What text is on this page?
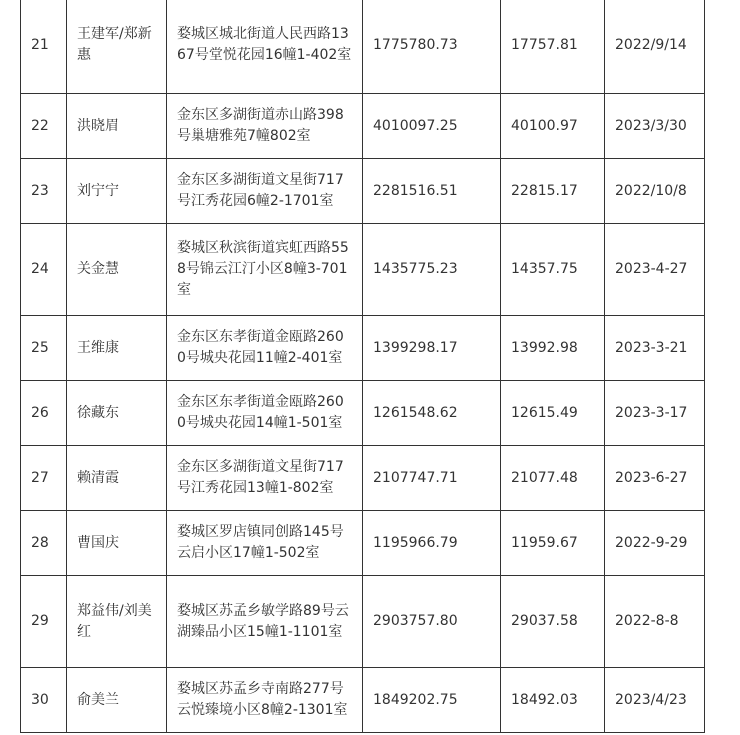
21	王建军/郑新惠	婺城区城北街道人民西路1367号堂悦花园16幢1-402室	1775780.73	17757.81	2022/9/14
22	洪晓眉	金东区多湖街道赤山路398号巢塘雅苑7幢802室	4010097.25	40100.97	2023/3/30
23	刘宁宁	金东区多湖街道文星街717号江秀花园6幢2-1701室	2281516.51	22815.17	2022/10/8
24	关金慧	婺城区秋滨街道宾虹西路558号锦云江汀小区8幢3-701室	1435775.23	14357.75	2023-4-27
25	王维康	金东区东孝街道金瓯路2600号城央花园11幢2-401室	1399298.17	13992.98	2023-3-21
26	徐藏东	金东区东孝街道金瓯路2600号城央花园14幢1-501室	1261548.62	12615.49	2023-3-17
27	赖清霞	金东区多湖街道文星街717号江秀花园13幢1-802室	2107747.71	21077.48	2023-6-27
28	曹国庆	婺城区罗店镇同创路145号云启小区17幢1-502室	1195966.79	11959.67	2022-9-29
29	郑益伟/刘美红	婺城区苏孟乡敏学路89号云湖臻品小区15幢1-1101室	2903757.80	29037.58	2022-8-8
30	俞美兰	婺城区苏孟乡寺南路277号云悦臻境小区8幢2-1301室	1849202.75	18492.03	2023/4/23
